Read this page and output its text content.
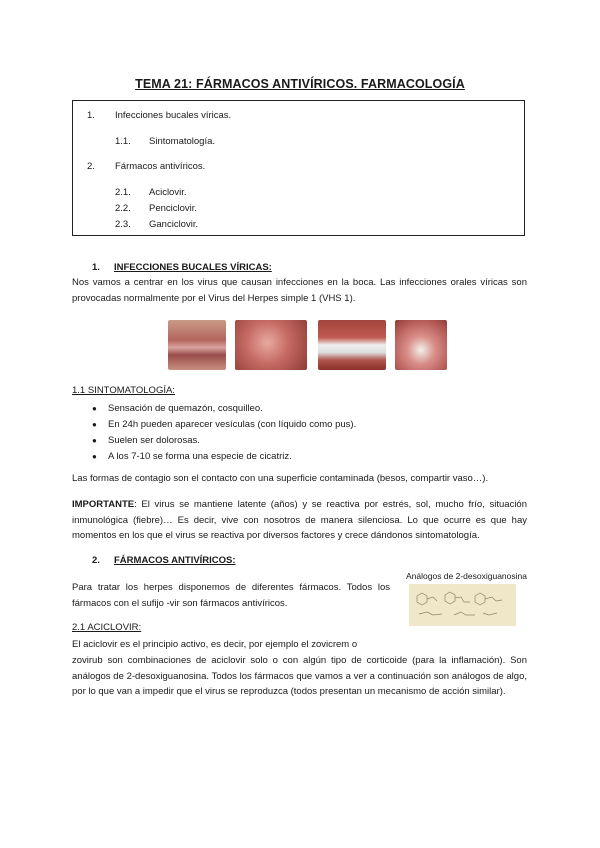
TEMA 21: FÁRMACOS ANTIVÍRICOS. FARMACOLOGÍA
1. Infecciones bucales víricas.
1.1. Sintomatología.
2. Fármacos antivíricos.
2.1. Aciclovir.
2.2. Penciclovir.
2.3. Ganciclovir.
1. INFECCIONES BUCALES VÍRICAS:

Nos vamos a centrar en los virus que causan infecciones en la boca. Las infecciones orales víricas son provocadas normalmente por el Virus del Herpes simple 1 (VHS 1).

1.1 SINTOMATOLOGÍA:
● Sensación de quemazón, cosquilleo.
● En 24h pueden aparecer vesículas (con líquido como pus).
● Suelen ser dolorosas.
● A los 7-10 se forma una especie de cicatriz.

Las formas de contagio son el contacto con una superficie contaminada (besos, compartir vaso…).

IMPORTANTE: El virus se mantiene latente (años) y se reactiva por estrés, sol, mucho frío, situación inmunológica (fiebre)… Es decir, vive con nosotros de manera silenciosa. Lo que ocurre es que hay momentos en los que el virus se reactiva por diversos factores y crece dándonos sintomatología.

2. FÁRMACOS ANTIVÍRICOS:
Análogos de 2-desoxiguanosina

Para tratar los herpes disponemos de diferentes fármacos. Todos los fármacos con el sufijo -vir son fármacos antivíricos.

2.1 ACICLOVIR:

El aciclovir es el principio activo, es decir, por ejemplo el zovicrem o

zovirub son combinaciones de aciclovir solo o con algún tipo de corticoide (para la inflamación). Son análogos de 2-desoxiguanosina. Todos los fármacos que vamos a ver a continuación son análogos de algo, por lo que van a impedir que el virus se reproduzca (todos presentan un mecanismo de acción similar).
